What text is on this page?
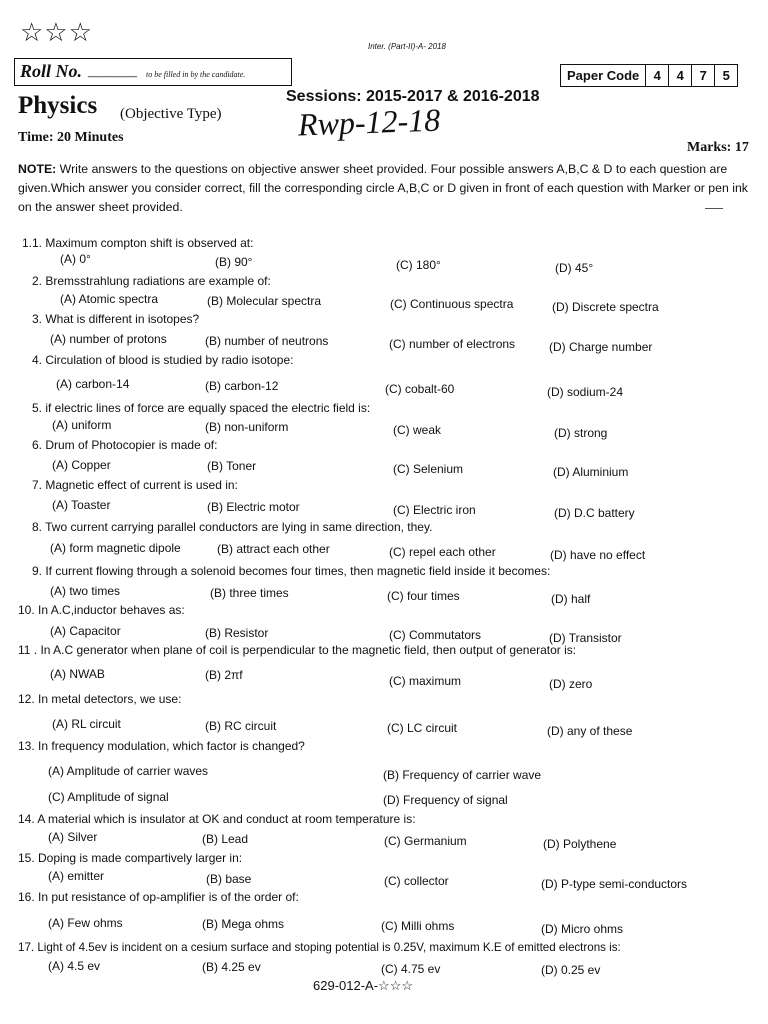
☆☆☆	Inter. (Part-II)-A- 2018
Roll No. ________ to be filled in by the candidate.	Paper Code	4	4	7	5
Physics (Objective Type)
Sessions: 2015-2017 & 2016-2018
Rwp-12-18
Time: 20 Minutes
Marks: 17
NOTE: Write answers to the questions on objective answer sheet provided. Four possible answers A,B,C & D to each question are given.Which answer you consider correct, fill the corresponding circle A,B,C or D given in front of each question with Marker or pen ink on the answer sheet provided.
1.1. Maximum compton shift is observed at:
(A) 0°	(B) 90°	(C) 180°	(D) 45°
2. Bremsstrahlung radiations are example of:
(A) Atomic spectra	(B) Molecular spectra	(C) Continuous spectra	(D) Discrete spectra
3. What is different in isotopes?
(A) number of protons	(B) number of neutrons	(C) number of electrons	(D) Charge number
4. Circulation of blood is studied by radio isotope:
(A) carbon-14	(B) carbon-12	(C) cobalt-60	(D) sodium-24
5. if electric lines of force are equally spaced the electric field is:
(A) uniform	(B) non-uniform	(C) weak	(D) strong
6. Drum of Photocopier is made of:
(A) Copper	(B) Toner	(C) Selenium	(D) Aluminium
7. Magnetic effect of current is used in:
(A) Toaster	(B) Electric motor	(C) Electric iron	(D) D.C battery
8. Two current carrying parallel conductors are lying in same direction, they.
(A) form magnetic dipole	(B) attract each other	(C) repel each other	(D) have no effect
9. If current flowing through a solenoid becomes four times, then magnetic field inside it becomes:
(A) two times	(B) three times	(C) four times	(D) half
10. In A.C,inductor behaves as:
(A) Capacitor	(B) Resistor	(C) Commutators	(D) Transistor
11 . In A.C generator when plane of coil is perpendicular to the magnetic field, then output of generator is:
(A) NWAB	(B) 2πf	(C) maximum	(D) zero
12. In metal detectors, we use:
(A) RL circuit	(B) RC circuit	(C) LC circuit	(D) any of these
13. In frequency modulation, which factor is changed?
(A) Amplitude of carrier waves	(B) Frequency of carrier wave
(C) Amplitude of signal	(D) Frequency of signal
14. A material which is insulator at OK and conduct at room temperature is:
(A) Silver	(B) Lead	(C) Germanium	(D) Polythene
15. Doping is made compartively larger in:
(A) emitter	(B) base	(C) collector	(D) P-type semi-conductors
16. In put resistance of op-amplifier is of the order of:
(A) Few ohms	(B) Mega ohms	(C) Milli ohms	(D) Micro ohms
17. Light of 4.5ev is incident on a cesium surface and stoping potential is 0.25V, maximum K.E of emitted electrons is:
(A) 4.5 ev	(B) 4.25 ev	(C) 4.75 ev	(D) 0.25 ev
629-012-A-☆☆☆
